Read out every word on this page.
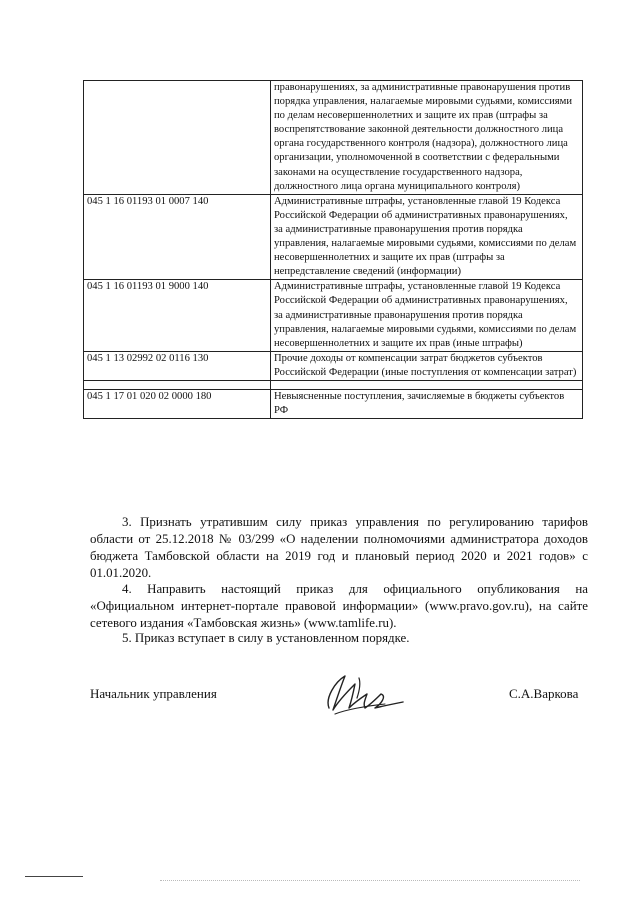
	правонарушениях, за административные правонарушения против порядка управления, налагаемые мировыми судьями, комиссиями по делам несовершеннолетних и защите их прав (штрафы за воспрепятствование законной деятельности должностного лица органа государственного контроля (надзора), должностного лица организации, уполномоченной в соответствии с федеральными законами на осуществление государственного надзора, должностного лица органа муниципального контроля)
045 1 16 01193 01 0007 140	Административные штрафы, установленные главой 19 Кодекса Российской Федерации об административных правонарушениях, за административные правонарушения против порядка управления, налагаемые мировыми судьями, комиссиями по делам несовершеннолетних и защите их прав (штрафы за непредставление сведений (информации)
045 1 16 01193 01 9000 140	Административные штрафы, установленные главой 19 Кодекса Российской Федерации об административных правонарушениях, за административные правонарушения против порядка управления, налагаемые мировыми судьями, комиссиями по делам несовершеннолетних и защите их прав (иные штрафы)
045 1 13 02992 02 0116 130	Прочие доходы от компенсации затрат бюджетов субъектов Российской Федерации (иные поступления от компенсации затрат)

045 1 17 01 020 02 0000 180	Невыясненные поступления, зачисляемые в бюджеты субъектов РФ

3. Признать утратившим силу приказ управления по регулированию тарифов области от 25.12.2018 № 03/299 «О наделении полномочиями администратора доходов бюджета Тамбовской области на 2019 год и плановый период 2020 и 2021 годов» с 01.01.2020.

4. Направить настоящий приказ для официального опубликования на «Официальном интернет-портале правовой информации» (www.pravo.gov.ru), на сайте сетевого издания «Тамбовская жизнь» (www.tamlife.ru).

5. Приказ вступает в силу в установленном порядке.

Начальник управления	С.А.Варкова
